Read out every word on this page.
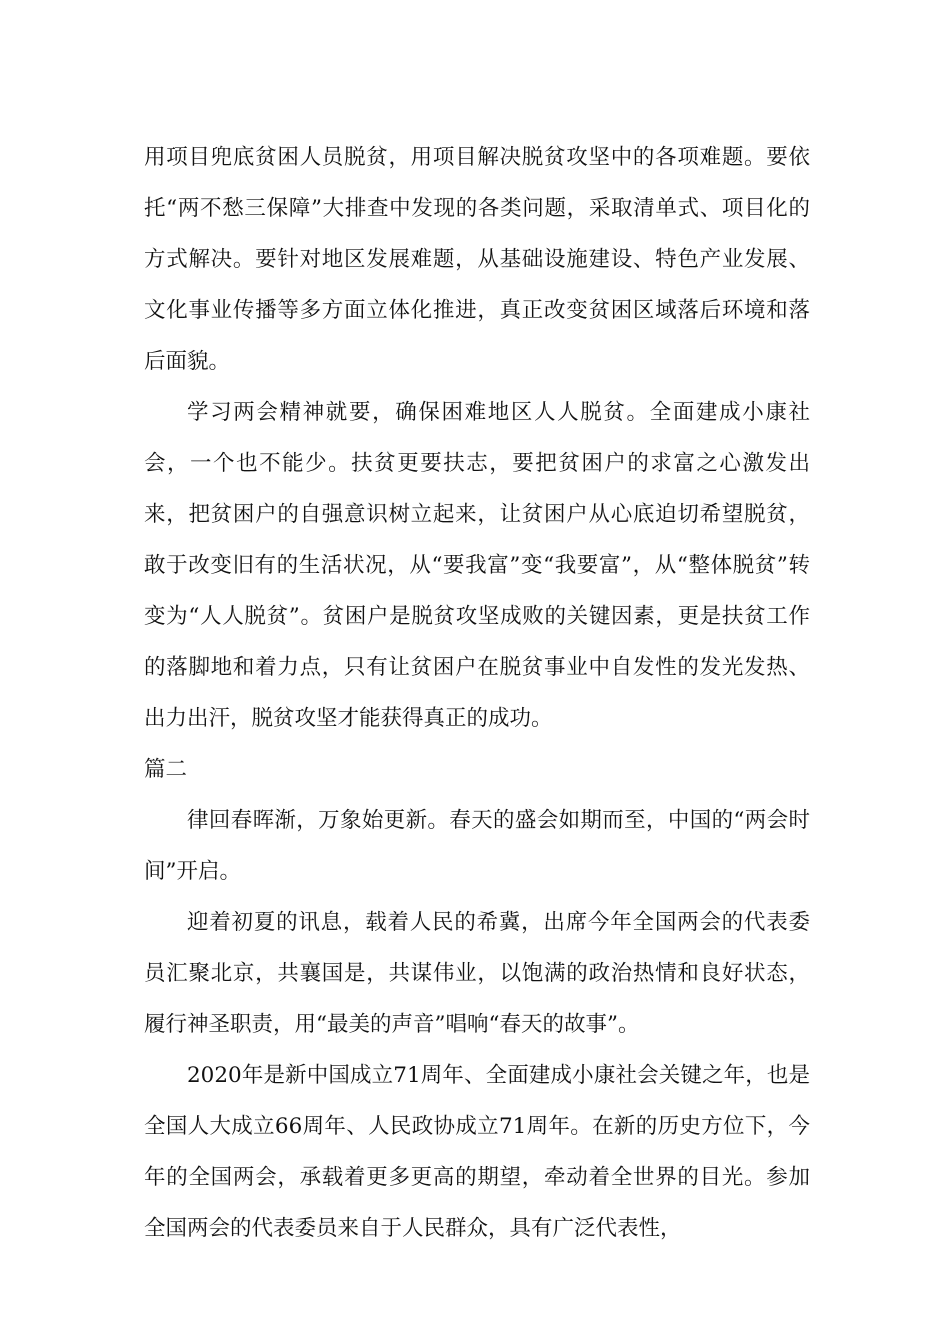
用项目兜底贫困人员脱贫，用项目解决脱贫攻坚中的各项难题。要依托“两不愁三保障”大排查中发现的各类问题，采取清单式、项目化的方式解决。要针对地区发展难题，从基础设施建设、特色产业发展、文化事业传播等多方面立体化推进，真正改变贫困区域落后环境和落后面貌。

学习两会精神就要，确保困难地区人人脱贫。全面建成小康社会，一个也不能少。扶贫更要扶志，要把贫困户的求富之心激发出来，把贫困户的自强意识树立起来，让贫困户从心底迫切希望脱贫，敢于改变旧有的生活状况，从“要我富”变“我要富”，从“整体脱贫”转变为“人人脱贫”。贫困户是脱贫攻坚成败的关键因素，更是扶贫工作的落脚地和着力点，只有让贫困户在脱贫事业中自发性的发光发热、出力出汗，脱贫攻坚才能获得真正的成功。

篇二

律回春晖渐，万象始更新。春天的盛会如期而至，中国的“两会时间”开启。

迎着初夏的讯息，载着人民的希冀，出席今年全国两会的代表委员汇聚北京，共襄国是，共谋伟业，以饱满的政治热情和良好状态，履行神圣职责，用“最美的声音”唱响“春天的故事”。

2020年是新中国成立71周年、全面建成小康社会关键之年，也是全国人大成立66周年、人民政协成立71周年。在新的历史方位下，今年的全国两会，承载着更多更高的期望，牵动着全世界的目光。参加全国两会的代表委员来自于人民群众，具有广泛代表性，
